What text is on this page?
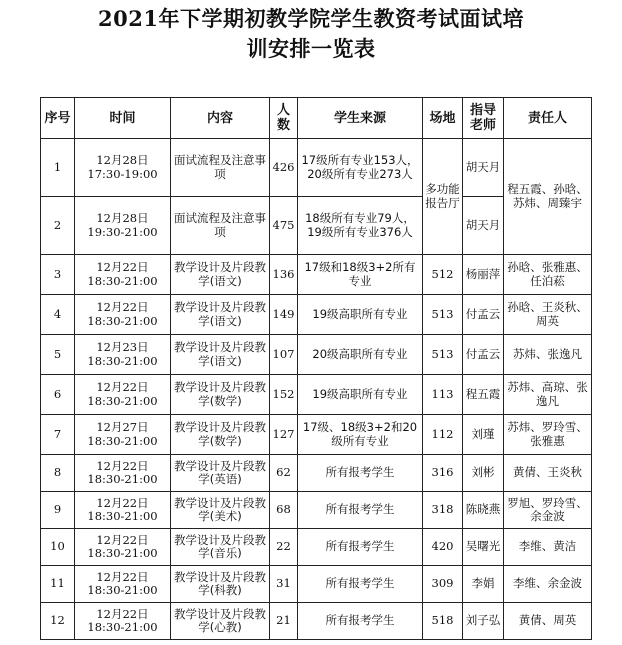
2021年下学期初教学院学生教资考试面试培
训安排一览表
序号	时间	内容	人数	学生来源	场地	指导老师	责任人
1	12月28日
17:30-19:00	面试流程及注意事项	426	17级所有专业153人，20级所有专业273人	多功能报告厅	胡天月	程五霞、孙晗、苏炜、周臻宇
2	12月28日
19:30-21:00	面试流程及注意事项	475	18级所有专业79人，19级所有专业376人		胡天月	
3	12月22日
18:30-21:00	教学设计及片段教学(语文)	136	17级和18级3+2所有专业	512	杨丽萍	孙晗、张雅惠、任泊菘
4	12月22日
18:30-21:00	教学设计及片段教学(语文)	149	19级高职所有专业	513	付孟云	孙晗、王炎秋、周英
5	12月23日
18:30-21:00	教学设计及片段教学(语文)	107	20级高职所有专业	513	付孟云	苏炜、张逸凡
6	12月22日
18:30-21:00	教学设计及片段教学(数学)	152	19级高职所有专业	113	程五霞	苏炜、高琼、张逸凡
7	12月27日
18:30-21:00	教学设计及片段教学(数学)	127	17级、18级3+2和20级所有专业	112	刘瑾	苏炜、罗玲雪、张雅惠
8	12月22日
18:30-21:00	教学设计及片段教学(英语)	62	所有报考学生	316	刘彬	黄倩、王炎秋
9	12月22日
18:30-21:00	教学设计及片段教学(美术)	68	所有报考学生	318	陈晓燕	罗旭、罗玲雪、余金波
10	12月22日
18:30-21:00	教学设计及片段教学(音乐)	22	所有报考学生	420	吴曙光	李维、黄洁
11	12月22日
18:30-21:00	教学设计及片段教学(科教)	31	所有报考学生	309	李娟	李维、余金波
12	12月22日
18:30-21:00	教学设计及片段教学(心教)	21	所有报考学生	518	刘子弘	黄倩、周英
